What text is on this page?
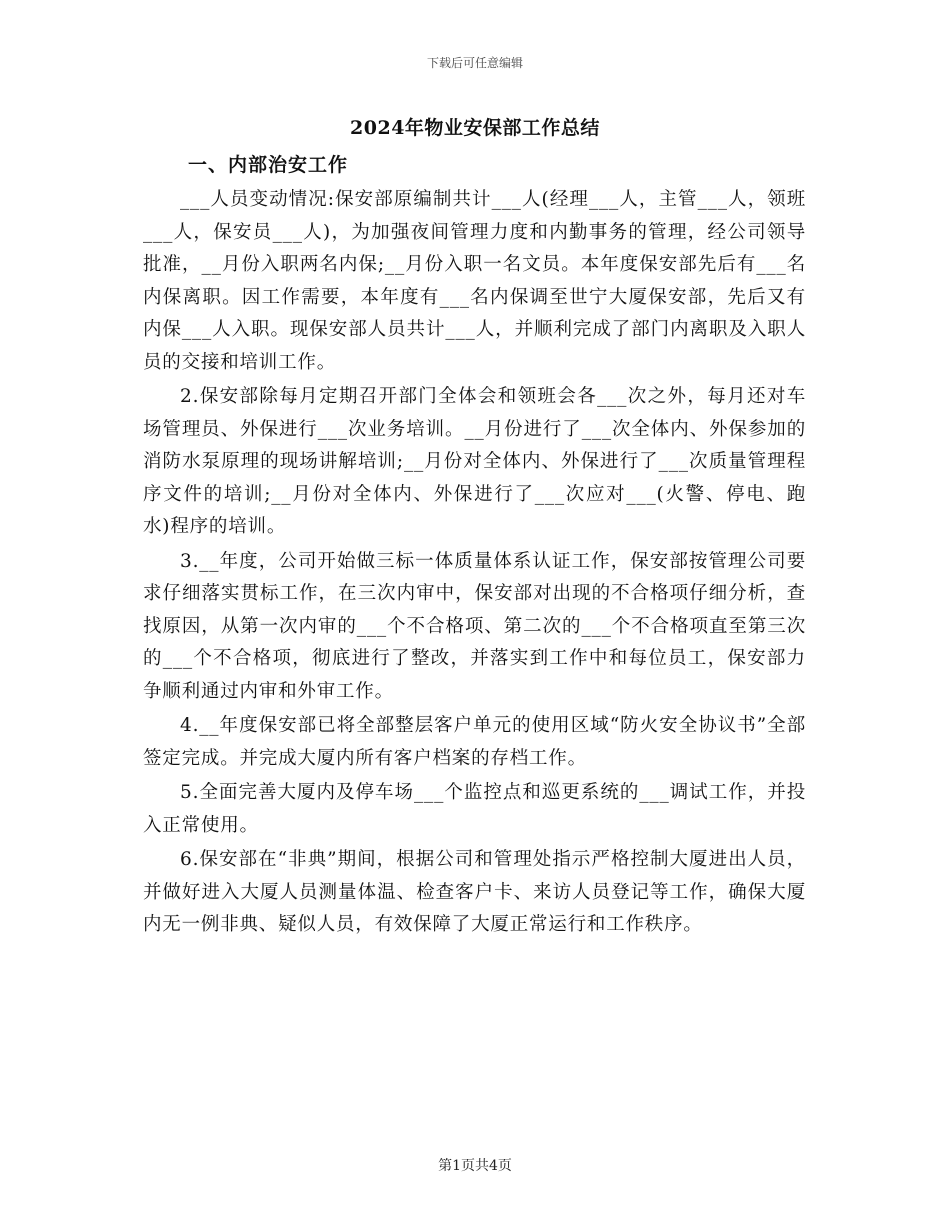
下载后可任意编辑
2024年物业安保部工作总结
一、内部治安工作

___人员变动情况:保安部原编制共计___人(经理___人，主管___人，领班___人，保安员___人)，为加强夜间管理力度和内勤事务的管理，经公司领导批准，__月份入职两名内保;__月份入职一名文员。本年度保安部先后有___名内保离职。因工作需要，本年度有___名内保调至世宁大厦保安部，先后又有内保___人入职。现保安部人员共计___人，并顺利完成了部门内离职及入职人员的交接和培训工作。

2.保安部除每月定期召开部门全体会和领班会各___次之外，每月还对车场管理员、外保进行___次业务培训。__月份进行了___次全体内、外保参加的消防水泵原理的现场讲解培训;__月份对全体内、外保进行了___次质量管理程序文件的培训;__月份对全体内、外保进行了___次应对___(火警、停电、跑水)程序的培训。

3.__年度，公司开始做三标一体质量体系认证工作，保安部按管理公司要求仔细落实贯标工作，在三次内审中，保安部对出现的不合格项仔细分析，查找原因，从第一次内审的___个不合格项、第二次的___个不合格项直至第三次的___个不合格项，彻底进行了整改，并落实到工作中和每位员工，保安部力争顺利通过内审和外审工作。

4.__年度保安部已将全部整层客户单元的使用区域“防火安全协议书”全部签定完成。并完成大厦内所有客户档案的存档工作。

5.全面完善大厦内及停车场___个监控点和巡更系统的___调试工作，并投入正常使用。

6.保安部在“非典”期间，根据公司和管理处指示严格控制大厦进出人员，并做好进入大厦人员测量体温、检查客户卡、来访人员登记等工作，确保大厦内无一例非典、疑似人员，有效保障了大厦正常运行和工作秩序。

第1页共4页
